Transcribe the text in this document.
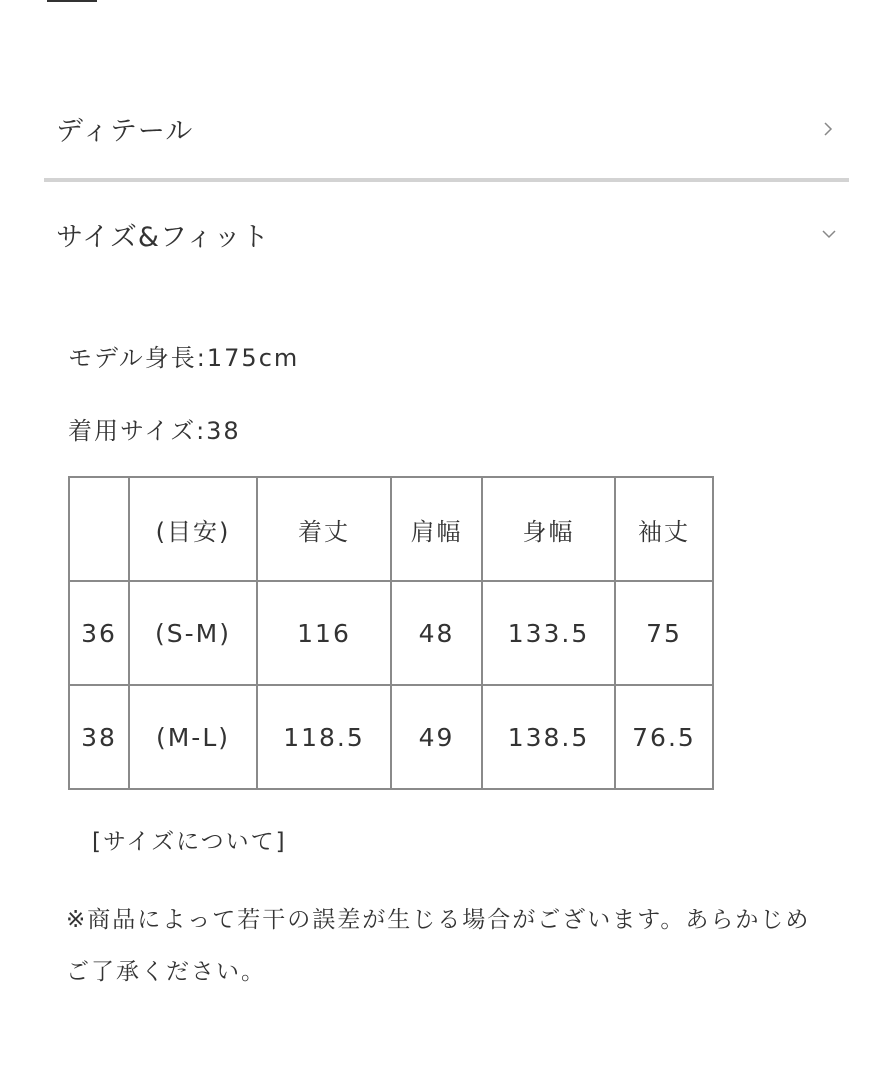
ディテール
サイズ&フィット
モデル身長:175cm
着用サイズ:38
	(目安)	着丈	肩幅	身幅	袖丈
36	(S-M)	116	48	133.5	75
38	(M-L)	118.5	49	138.5	76.5
[サイズについて]
※商品によって若干の誤差が生じる場合がございます。あらかじめご了承ください。
